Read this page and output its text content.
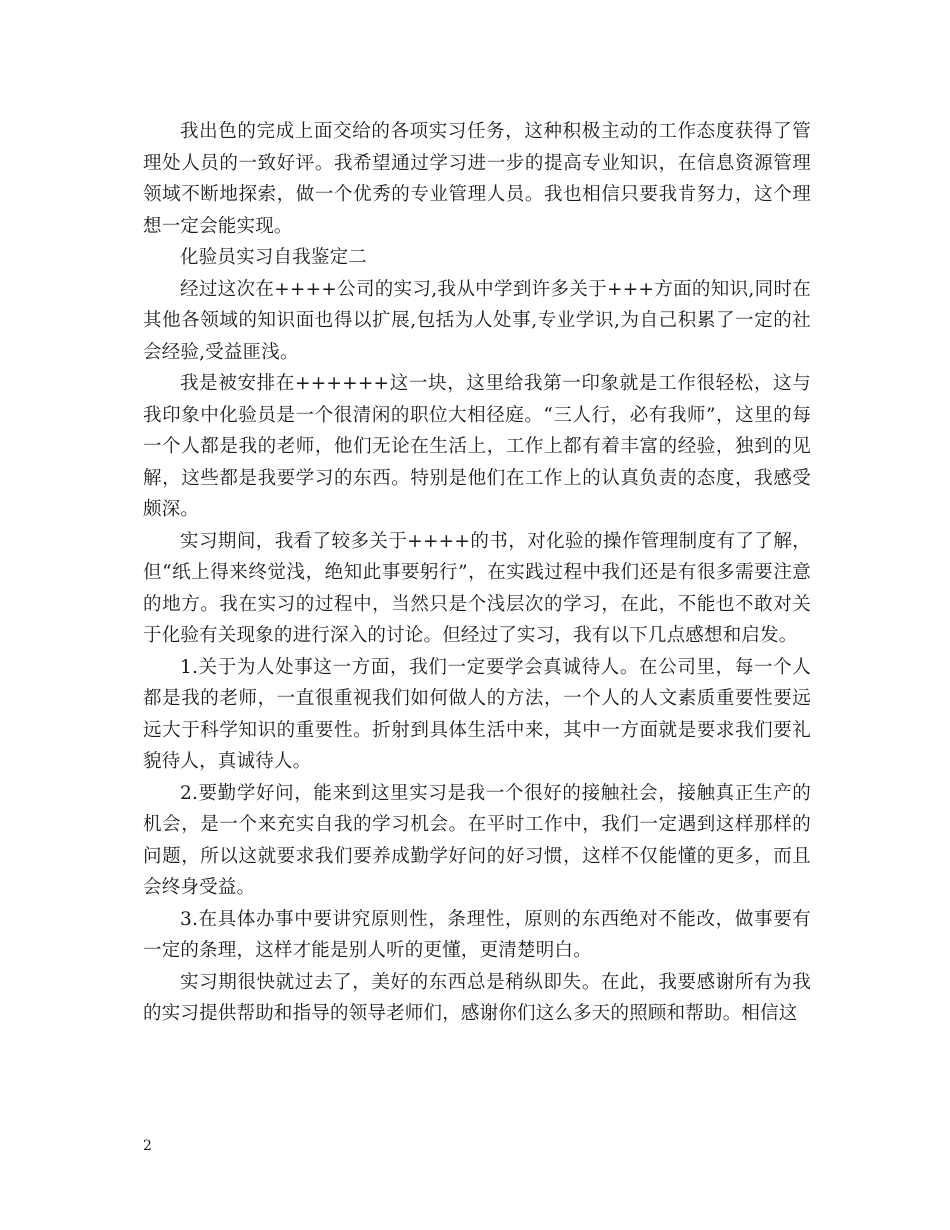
我出色的完成上面交给的各项实习任务，这种积极主动的工作态度获得了管理处人员的一致好评。我希望通过学习进一步的提高专业知识，在信息资源管理领域不断地探索，做一个优秀的专业管理人员。我也相信只要我肯努力，这个理想一定会能实现。

化验员实习自我鉴定二

经过这次在++++公司的实习,我从中学到许多关于+++方面的知识,同时在其他各领域的知识面也得以扩展,包括为人处事,专业学识,为自己积累了一定的社会经验,受益匪浅。

我是被安排在++++++这一块，这里给我第一印象就是工作很轻松，这与我印象中化验员是一个很清闲的职位大相径庭。“三人行，必有我师”，这里的每一个人都是我的老师，他们无论在生活上，工作上都有着丰富的经验，独到的见解，这些都是我要学习的东西。特别是他们在工作上的认真负责的态度，我感受颇深。

实习期间，我看了较多关于++++的书，对化验的操作管理制度有了了解，但“纸上得来终觉浅，绝知此事要躬行”，在实践过程中我们还是有很多需要注意的地方。我在实习的过程中，当然只是个浅层次的学习，在此，不能也不敢对关于化验有关现象的进行深入的讨论。但经过了实习，我有以下几点感想和启发。

1.关于为人处事这一方面，我们一定要学会真诚待人。在公司里，每一个人都是我的老师，一直很重视我们如何做人的方法，一个人的人文素质重要性要远远大于科学知识的重要性。折射到具体生活中来，其中一方面就是要求我们要礼貌待人，真诚待人。

2.要勤学好问，能来到这里实习是我一个很好的接触社会，接触真正生产的机会，是一个来充实自我的学习机会。在平时工作中，我们一定遇到这样那样的问题，所以这就要求我们要养成勤学好问的好习惯，这样不仅能懂的更多，而且会终身受益。

3.在具体办事中要讲究原则性，条理性，原则的东西绝对不能改，做事要有一定的条理，这样才能是别人听的更懂，更清楚明白。

实习期很快就过去了，美好的东西总是稍纵即失。在此，我要感谢所有为我的实习提供帮助和指导的领导老师们，感谢你们这么多天的照顾和帮助。相信这

2
